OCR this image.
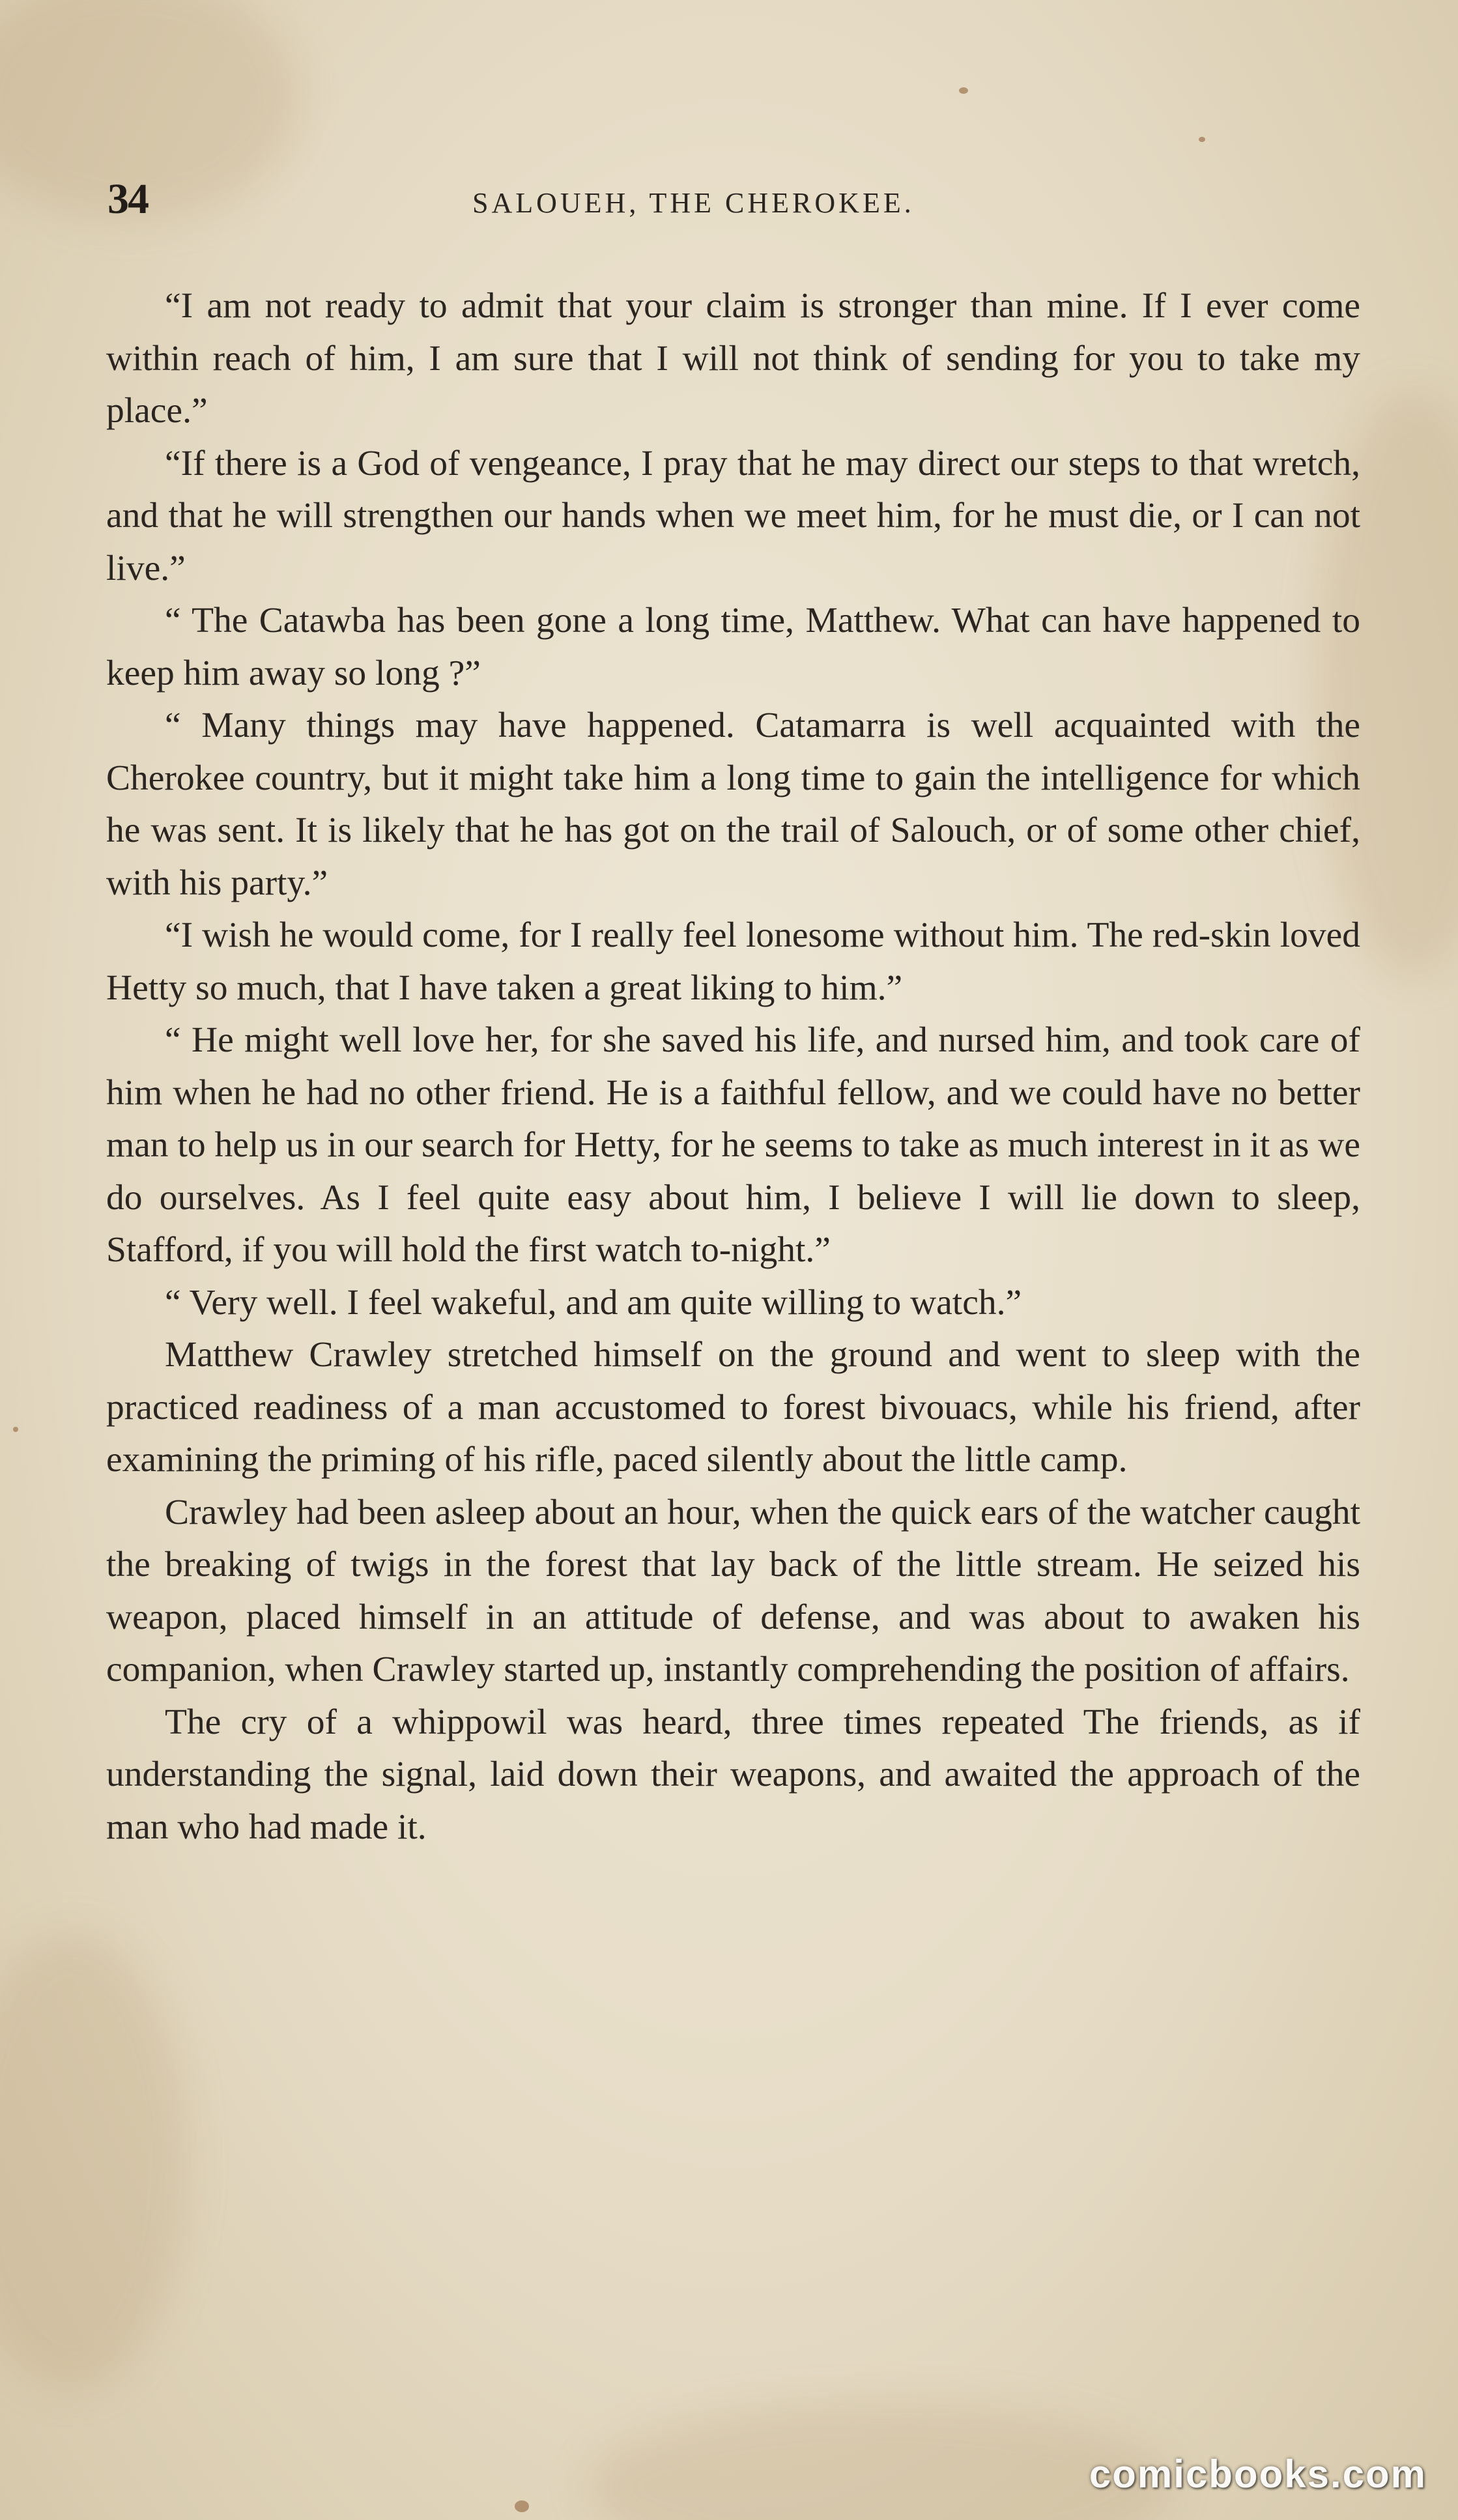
34	SALOUEH, THE CHEROKEE.

“I am not ready to admit that your claim is stronger than mine. If I ever come within reach of him, I am sure that I will not think of sending for you to take my place.”

“If there is a God of vengeance, I pray that he may direct our steps to that wretch, and that he will strengthen our hands when we meet him, for he must die, or I can not live.”

“ The Catawba has been gone a long time, Matthew. What can have happened to keep him away so long ?”

“ Many things may have happened. Catamarra is well acquainted with the Cherokee country, but it might take him a long time to gain the intelligence for which he was sent. It is likely that he has got on the trail of Salouch, or of some other chief, with his party.”

“I wish he would come, for I really feel lonesome without him. The red-skin loved Hetty so much, that I have taken a great liking to him.”

“ He might well love her, for she saved his life, and nursed him, and took care of him when he had no other friend. He is a faithful fellow, and we could have no better man to help us in our search for Hetty, for he seems to take as much interest in it as we do ourselves. As I feel quite easy about him, I believe I will lie down to sleep, Stafford, if you will hold the first watch to-night.”

“ Very well. I feel wakeful, and am quite willing to watch.”

Matthew Crawley stretched himself on the ground and went to sleep with the practiced readiness of a man accustomed to forest bivouacs, while his friend, after examining the priming of his rifle, paced silently about the little camp.

Crawley had been asleep about an hour, when the quick ears of the watcher caught the breaking of twigs in the forest that lay back of the little stream. He seized his weapon, placed himself in an attitude of defense, and was about to awaken his companion, when Crawley started up, instantly comprehending the position of affairs.

The cry of a whippowil was heard, three times repeated The friends, as if understanding the signal, laid down their weapons, and awaited the approach of the man who had made it.

comicbooks.com
